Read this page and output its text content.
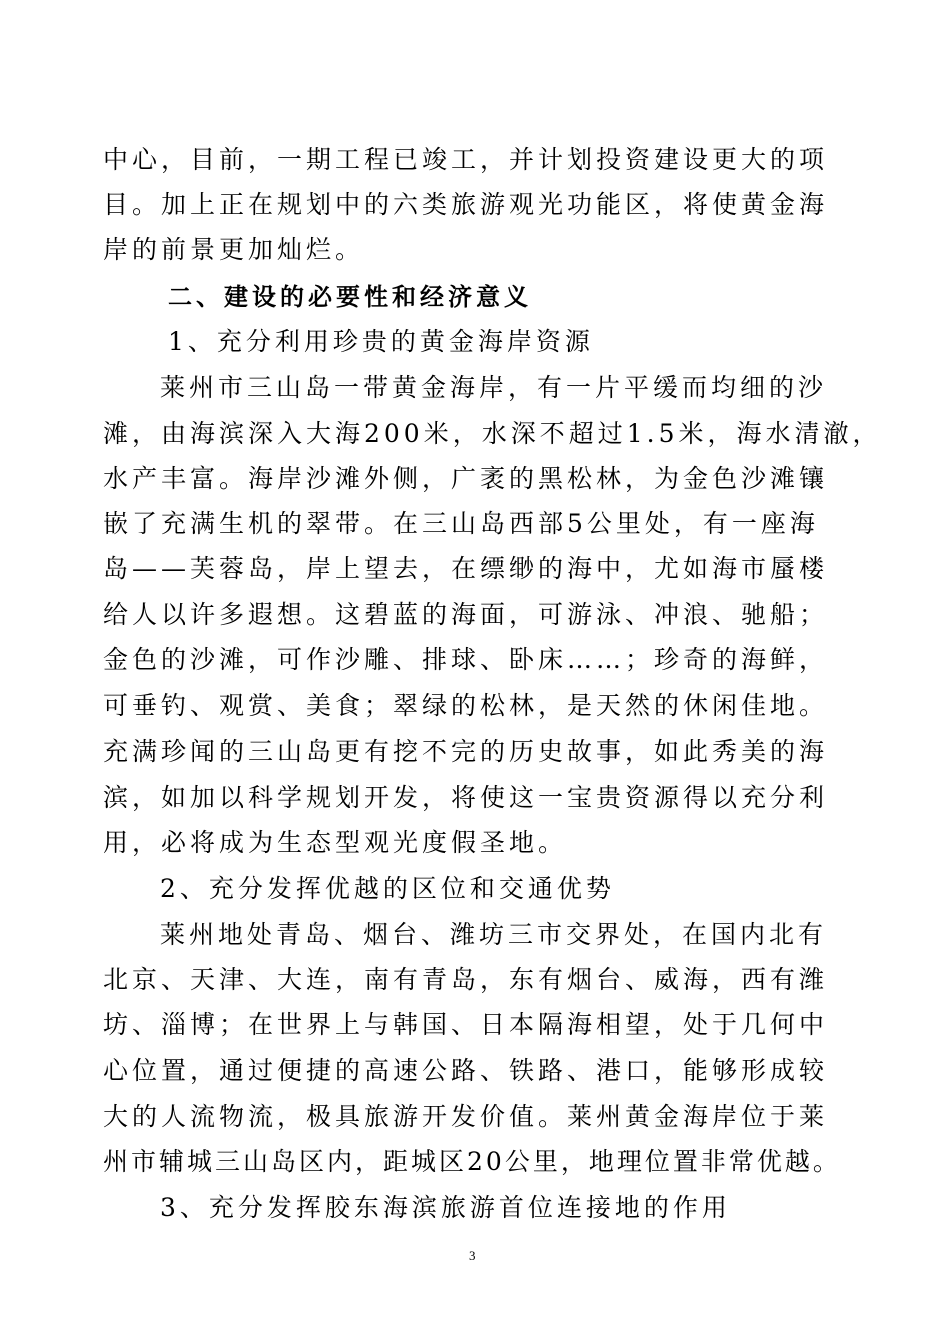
中心，目前，一期工程已竣工，并计划投资建设更大的项
目。加上正在规划中的六类旅游观光功能区，将使黄金海
岸的前景更加灿烂。
二、建设的必要性和经济意义
1、充分利用珍贵的黄金海岸资源
莱州市三山岛一带黄金海岸，有一片平缓而均细的沙
滩，由海滨深入大海200米，水深不超过1.5米，海水清澈，
水产丰富。海岸沙滩外侧，广袤的黑松林，为金色沙滩镶
嵌了充满生机的翠带。在三山岛西部5公里处，有一座海
岛——芙蓉岛，岸上望去，在缥缈的海中，尤如海市蜃楼
给人以许多遐想。这碧蓝的海面，可游泳、冲浪、驰船；
金色的沙滩，可作沙雕、排球、卧床……；珍奇的海鲜，
可垂钓、观赏、美食；翠绿的松林，是天然的休闲佳地。
充满珍闻的三山岛更有挖不完的历史故事，如此秀美的海
滨，如加以科学规划开发，将使这一宝贵资源得以充分利
用，必将成为生态型观光度假圣地。
2、充分发挥优越的区位和交通优势
莱州地处青岛、烟台、潍坊三市交界处，在国内北有
北京、天津、大连，南有青岛，东有烟台、威海，西有潍
坊、淄博；在世界上与韩国、日本隔海相望，处于几何中
心位置，通过便捷的高速公路、铁路、港口，能够形成较
大的人流物流，极具旅游开发价值。莱州黄金海岸位于莱
州市辅城三山岛区内，距城区20公里，地理位置非常优越。
3、充分发挥胶东海滨旅游首位连接地的作用
3
